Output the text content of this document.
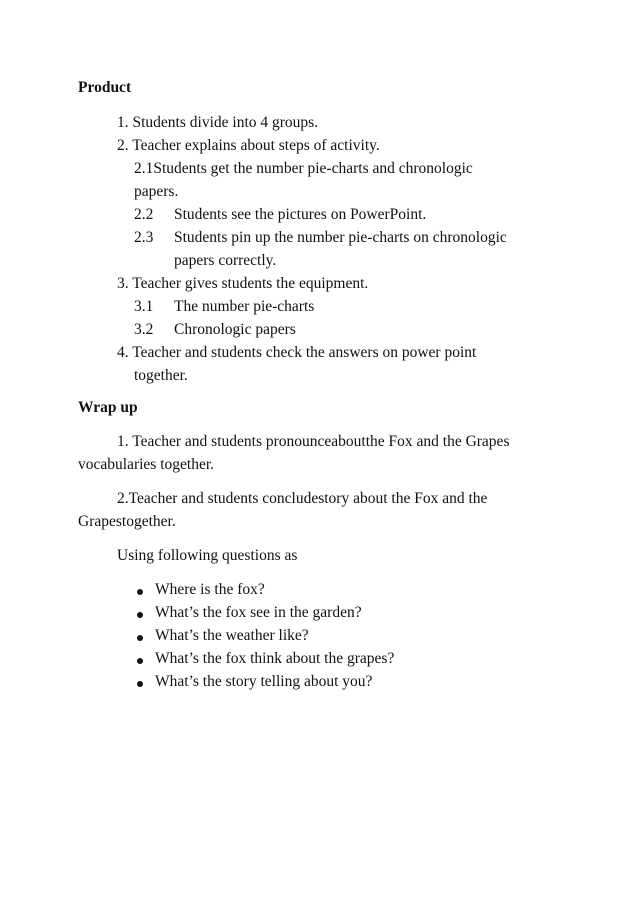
Product
1. Students divide into 4 groups.
2. Teacher explains about steps of activity.
2.1Students get the number pie-charts and chronologic
papers.
2.2 Students see the pictures on PowerPoint.
2.3 Students pin up the number pie-charts on chronologic
papers correctly.
3. Teacher gives students the equipment.
3.1 The number pie-charts
3.2 Chronologic papers
4. Teacher and students check the answers on power point
together.
Wrap up
1. Teacher and students pronounceaboutthe Fox and the Grapes
vocabularies together.
2.Teacher and students concludestory about the Fox and the
Grapestogether.
Using following questions as
Where is the fox?
What’s the fox see in the garden?
What’s the weather like?
What’s the fox think about the grapes?
What’s the story telling about you?
